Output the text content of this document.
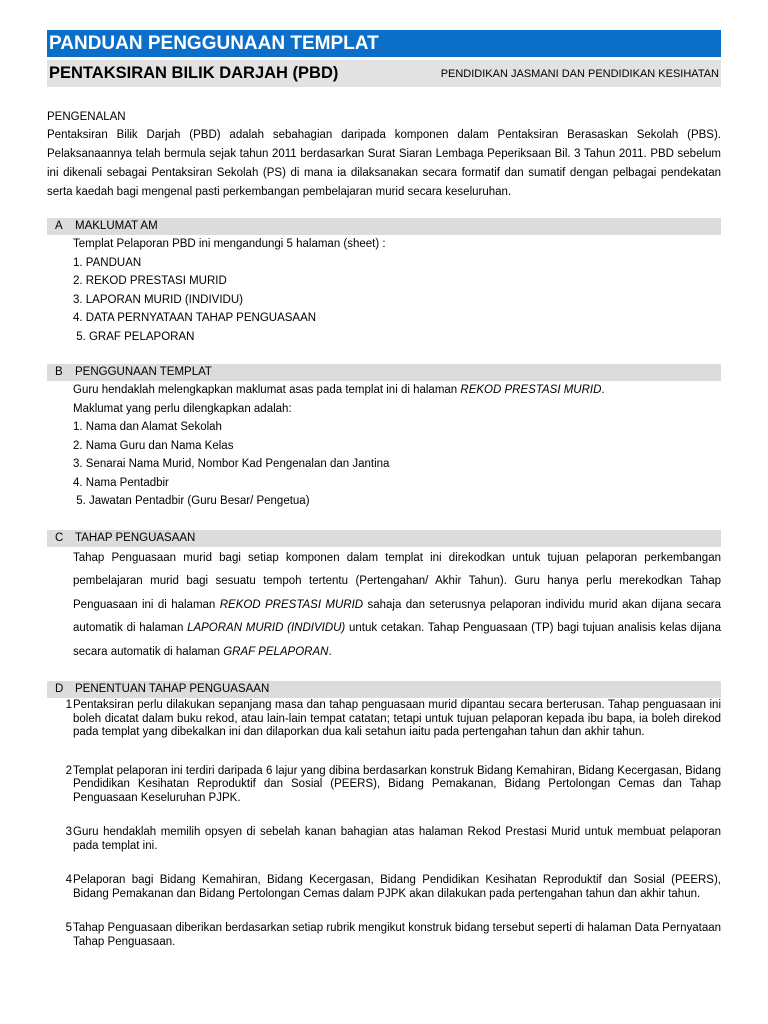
PANDUAN PENGGUNAAN TEMPLAT
PENTAKSIRAN BILIK DARJAH (PBD)	PENDIDIKAN JASMANI DAN PENDIDIKAN KESIHATAN
PENGENALAN
Pentaksiran Bilik Darjah (PBD) adalah sebahagian daripada komponen dalam Pentaksiran Berasaskan Sekolah (PBS). Pelaksanaannya telah bermula sejak tahun 2011 berdasarkan Surat Siaran Lembaga Peperiksaan Bil. 3 Tahun 2011. PBD sebelum ini dikenali sebagai Pentaksiran Sekolah (PS) di mana ia dilaksanakan secara formatif dan sumatif dengan pelbagai pendekatan serta kaedah bagi mengenal pasti perkembangan pembelajaran murid secara keseluruhan.
A	MAKLUMAT AM
Templat Pelaporan PBD ini mengandungi 5 halaman (sheet) :
1. PANDUAN
2. REKOD PRESTASI MURID
3. LAPORAN MURID (INDIVIDU)
4. DATA PERNYATAAN TAHAP PENGUASAAN
5. GRAF PELAPORAN
B	PENGGUNAAN TEMPLAT
Guru hendaklah melengkapkan maklumat asas pada templat ini di halaman REKOD PRESTASI MURID.
Maklumat yang perlu dilengkapkan adalah:
1. Nama dan Alamat Sekolah
2. Nama Guru dan Nama Kelas
3. Senarai Nama Murid, Nombor Kad Pengenalan dan Jantina
4. Nama Pentadbir
5. Jawatan Pentadbir (Guru Besar/ Pengetua)
C	TAHAP PENGUASAAN
Tahap Penguasaan murid bagi setiap komponen dalam templat ini direkodkan untuk tujuan pelaporan perkembangan pembelajaran murid bagi sesuatu tempoh tertentu (Pertengahan/ Akhir Tahun). Guru hanya perlu merekodkan Tahap Penguasaan ini di halaman REKOD PRESTASI MURID sahaja dan seterusnya pelaporan individu murid akan dijana secara automatik di halaman LAPORAN MURID (INDIVIDU) untuk cetakan. Tahap Penguasaan (TP) bagi tujuan analisis kelas dijana secara automatik di halaman GRAF PELAPORAN.
D	PENENTUAN TAHAP PENGUASAAN
1 Pentaksiran perlu dilakukan sepanjang masa dan tahap penguasaan murid dipantau secara berterusan. Tahap penguasaan ini boleh dicatat dalam buku rekod, atau lain-lain tempat catatan; tetapi untuk tujuan pelaporan kepada ibu bapa, ia boleh direkod pada templat yang dibekalkan ini dan dilaporkan dua kali setahun iaitu pada pertengahan tahun dan akhir tahun.
2 Templat pelaporan ini terdiri daripada 6 lajur yang dibina berdasarkan konstruk Bidang Kemahiran, Bidang Kecergasan, Bidang Pendidikan Kesihatan Reproduktif dan Sosial (PEERS), Bidang Pemakanan, Bidang Pertolongan Cemas dan Tahap Penguasaan Keseluruhan PJPK.
3 Guru hendaklah memilih opsyen di sebelah kanan bahagian atas halaman Rekod Prestasi Murid untuk membuat pelaporan pada templat ini.
4 Pelaporan bagi Bidang Kemahiran, Bidang Kecergasan, Bidang Pendidikan Kesihatan Reproduktif dan Sosial (PEERS), Bidang Pemakanan dan Bidang Pertolongan Cemas dalam PJPK akan dilakukan pada pertengahan tahun dan akhir tahun.
5 Tahap Penguasaan diberikan berdasarkan setiap rubrik mengikut konstruk bidang tersebut seperti di halaman Data Pernyataan Tahap Penguasaan.
